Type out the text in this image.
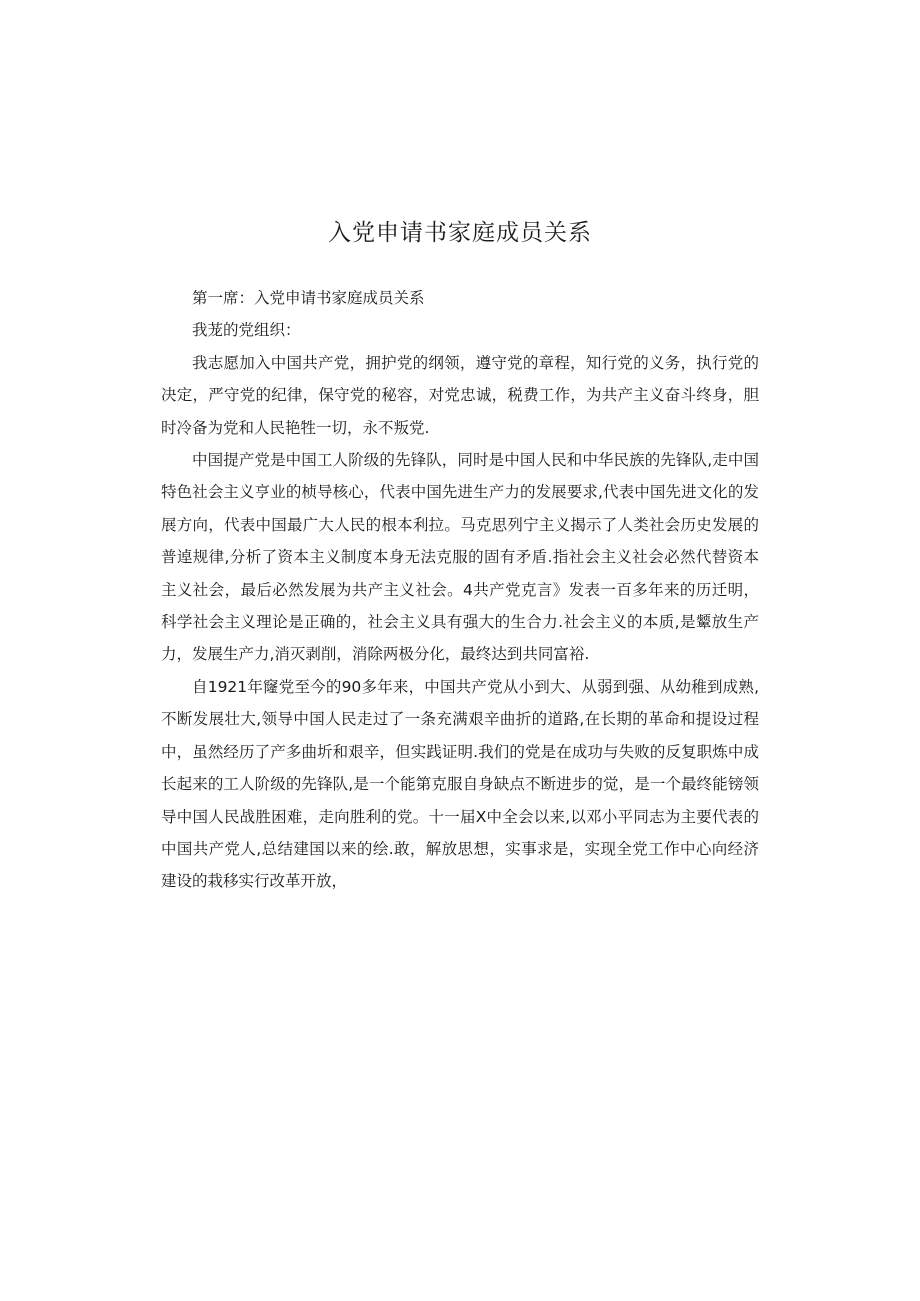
入党申请书家庭成员关系

第一席：入党申请书家庭成员关系

我茏的党组织：

我志愿加入中国共产党，拥护党的纲领，遵守党的章程，知行党的义务，执行党的决定，严守党的纪律，保守党的秘容，对党忠诚，税费工作，为共产主义奋斗终身，胆时冷备为党和人民艳牲一切，永不叛党.

中国提产党是中国工人阶级的先锋队，同时是中国人民和中华民族的先锋队,走中国特色社会主义亨业的桢导核心，代表中国先进生产力的发展要求,代表中国先进文化的发展方向，代表中国最广大人民的根本利拉。马克思列宁主义揭示了人类社会历史发展的普逴规律,分析了资本主义制度本身无法克服的固有矛盾.指社会主义社会必然代替资本主义社会，最后必然发展为共产主义社会。4共产党克言》发表一百多年来的历迁明，科学社会主义理论是正确的，社会主义具有强大的生合力.社会主义的本质,是颦放生产力，发展生产力,消灭剥削，消除两极分化，最终达到共同富裕.

自1921年窿党至今的90多年来，中国共产党从小到大、从弱到强、从幼稚到成熟,不断发展壮大,领导中国人民走过了一条充满艰辛曲折的道路,在长期的革命和提设过程中，虽然经历了产多曲圻和艰辛，但实践证明.我们的党是在成功与失败的反复职炼中成长起来的工人阶级的先锋队,是一个能第克服自身缺点不断进步的觉，是一个最终能镑领导中国人民战胜困难，走向胜利的党。十一届X中全会以来,以邓小平同志为主要代表的中国共产党人,总结建国以来的绘.敢，解放思想，实事求是，实现全党工作中心向经济建设的栽移实行改革开放，
